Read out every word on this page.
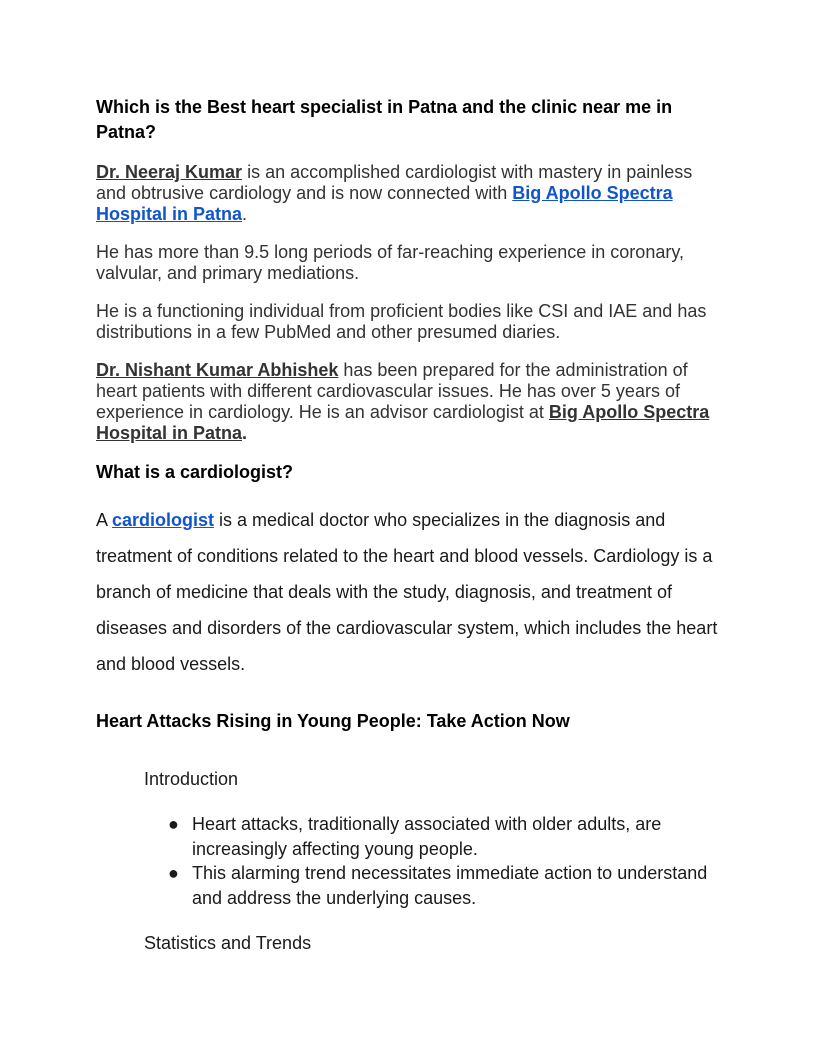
Which is the Best heart specialist in Patna and the clinic near me in Patna?

Dr. Neeraj Kumar is an accomplished cardiologist with mastery in painless and obtrusive cardiology and is now connected with Big Apollo Spectra Hospital in Patna.

He has more than 9.5 long periods of far-reaching experience in coronary, valvular, and primary mediations.

He is a functioning individual from proficient bodies like CSI and IAE and has distributions in a few PubMed and other presumed diaries.

Dr. Nishant Kumar Abhishek has been prepared for the administration of heart patients with different cardiovascular issues. He has over 5 years of experience in cardiology. He is an advisor cardiologist at Big Apollo Spectra Hospital in Patna.

What is a cardiologist?

A cardiologist is a medical doctor who specializes in the diagnosis and treatment of conditions related to the heart and blood vessels. Cardiology is a branch of medicine that deals with the study, diagnosis, and treatment of diseases and disorders of the cardiovascular system, which includes the heart and blood vessels.

Heart Attacks Rising in Young People: Take Action Now

Introduction

● Heart attacks, traditionally associated with older adults, are increasingly affecting young people.
● This alarming trend necessitates immediate action to understand and address the underlying causes.

Statistics and Trends
